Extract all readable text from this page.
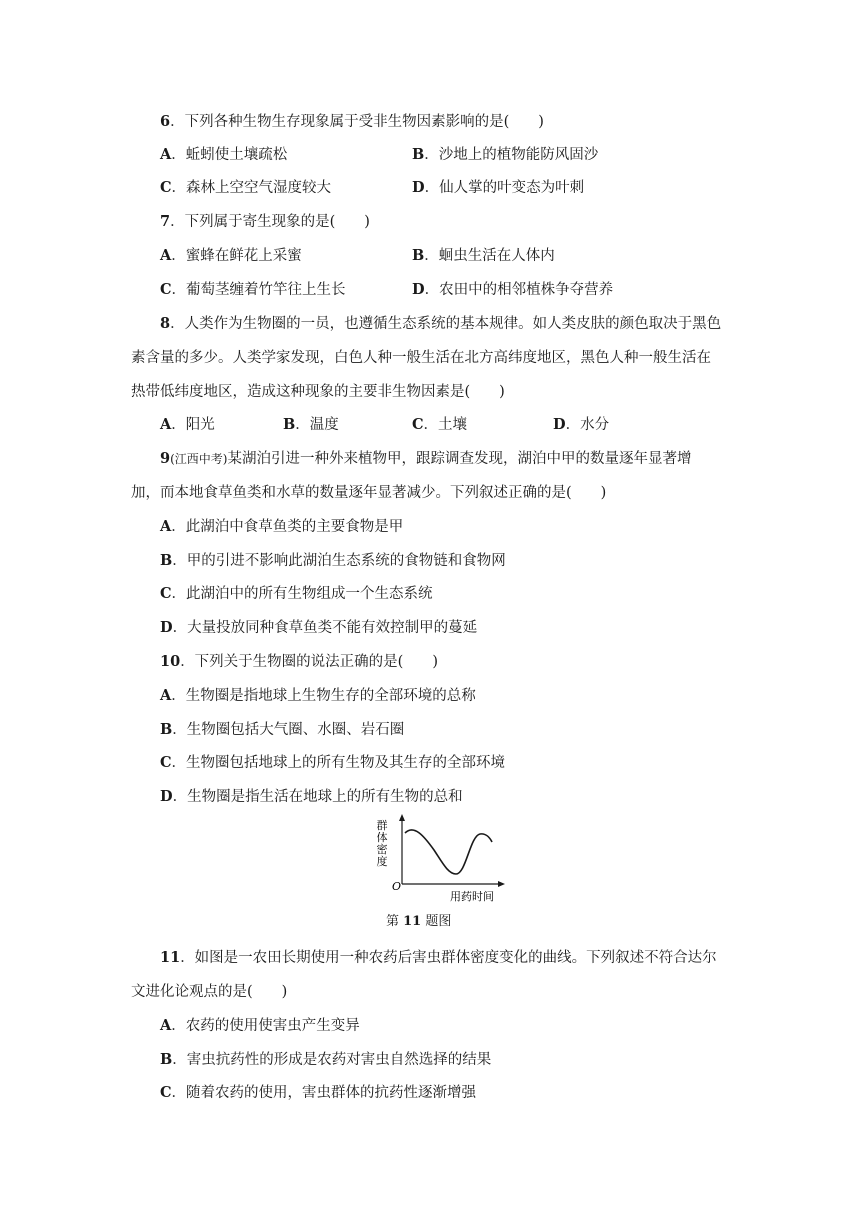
6．下列各种生物生存现象属于受非生物因素影响的是(　　)
A．蚯蚓使土壤疏松	B．沙地上的植物能防风固沙
C．森林上空空气湿度较大	D．仙人掌的叶变态为叶刺
7．下列属于寄生现象的是(　　)
A．蜜蜂在鲜花上采蜜	B．蛔虫生活在人体内
C．葡萄茎缠着竹竿往上生长	D．农田中的相邻植株争夺营养
8．人类作为生物圈的一员，也遵循生态系统的基本规律。如人类皮肤的颜色取决于黑色
素含量的多少。人类学家发现，白色人种一般生活在北方高纬度地区，黑色人种一般生活在
热带低纬度地区，造成这种现象的主要非生物因素是(　　)
A．阳光	B．温度	C．土壤	D．水分
9(江西中考)某湖泊引进一种外来植物甲，跟踪调查发现，湖泊中甲的数量逐年显著增
加，而本地食草鱼类和水草的数量逐年显著减少。下列叙述正确的是(　　)
A．此湖泊中食草鱼类的主要食物是甲
B．甲的引进不影响此湖泊生态系统的食物链和食物网
C．此湖泊中的所有生物组成一个生态系统
D．大量投放同种食草鱼类不能有效控制甲的蔓延
10．下列关于生物圈的说法正确的是(　　)
A．生物圈是指地球上生物生存的全部环境的总称
B．生物圈包括大气圈、水圈、岩石圈
C．生物圈包括地球上的所有生物及其生存的全部环境
D．生物圈是指生活在地球上的所有生物的总和
群
体
密
度
O
用药时间
第 11 题图
11．如图是一农田长期使用一种农药后害虫群体密度变化的曲线。下列叙述不符合达尔
文进化论观点的是(　　)
A．农药的使用使害虫产生变异
B．害虫抗药性的形成是农药对害虫自然选择的结果
C．随着农药的使用，害虫群体的抗药性逐渐增强
